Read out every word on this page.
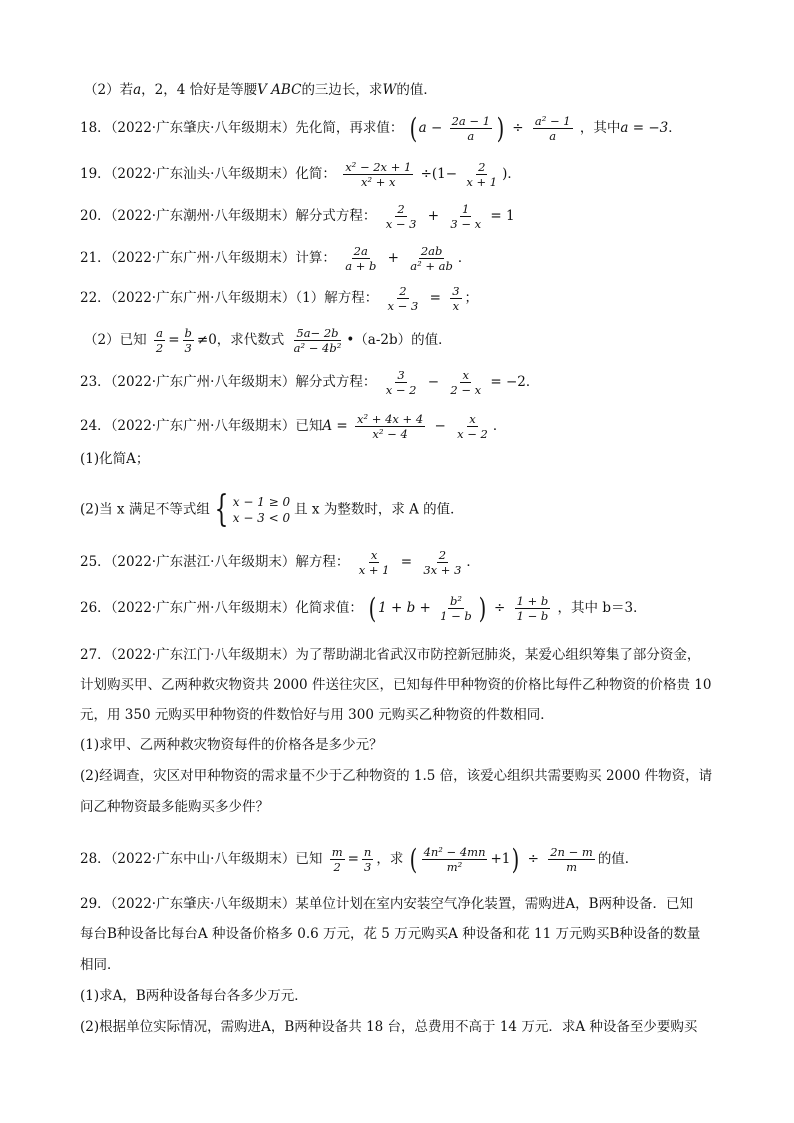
（2）若a，2，4 恰好是等腰V ABC的三边长，求W的值．
18．（2022·广东肇庆·八年级期末）先化简，再求值： ( $a - \frac{2a - 1}{a}$ ) ÷ $\frac{\text{a² − 1}}{a}$ ，其中a = −3．
19．（2022·广东汕头·八年级期末）化简： $\frac{\text{x² − 2x + 1}}{\text{x² + x}} \div(1- \frac{2}{x + 1}$ )．
20．（2022·广东潮州·八年级期末）解分式方程： $\frac{2}{x - 3} + \frac{1}{3 - x} = 1$
21．（2022·广东广州·八年级期末）计算： $\frac{2a}{a + b} + \frac{2ab}{\text{a² + ab}}$ ．
22．（2022·广东广州·八年级期末）（1）解方程： $\frac{2}{x - 3} = \frac{3}{x}$ ；
（2）已知 $\frac{a}{2} = \frac{b}{3} \ne 0$，求代数式 $\frac{5a- 2b}{\text{a² − 4b²}}$ •（a-2b）的值．
23．（2022·广东广州·八年级期末）解分式方程： $\frac{3}{x - 2} - \frac{x}{2 - x} = -2$．
24．（2022·广东广州·八年级期末）已知$A = \frac{\text{x² + 4x + 4}}{\text{x² − 4}} - \frac{x}{x - 2}$ ．
(1)化简A；
(2)当 x 满足不等式组 { x − 1 ≥ 0
x − 3 < 0
且 x 为整数时，求 A 的值．
25．（2022·广东湛江·八年级期末）解方程： $\frac{x}{x + 1} = \frac{2}{3x + 3}$ ．
26．（2022·广东广州·八年级期末）化简求值： ( $1 + b + \frac{\text{b²}}{1 - b}$ ) ÷ $\frac{1 + b}{1 - b}$ ，其中 b＝3．
27．（2022·广东江门·八年级期末）为了帮助湖北省武汉市防控新冠肺炎，某爱心组织筹集了部分资金，
计划购买甲、乙两种救灾物资共 2000 件送往灾区，已知每件甲种物资的价格比每件乙种物资的价格贵 10
元，用 350 元购买甲种物资的件数恰好与用 300 元购买乙种物资的件数相同．
(1)求甲、乙两种救灾物资每件的价格各是多少元？
(2)经调查，灾区对甲种物资的需求量不少于乙种物资的 1.5 倍，该爱心组织共需要购买 2000 件物资，请
问乙种物资最多能购买多少件？
28．（2022·广东中山·八年级期末）已知 $\frac{m}{2} = \frac{n}{3}$ ，求 ( $\frac{\text{4n² − 4mn}}{\text{m²}} +1) \div \frac{2n - m}{m}$ 的值．
29．（2022·广东肇庆·八年级期末）某单位计划在室内安装空气净化装置，需购进A，B两种设备．已知
每台B种设备比每台A 种设备价格多 0.6 万元，花 5 万元购买A 种设备和花 11 万元购买B种设备的数量
相同．
(1)求A，B两种设备每台各多少万元．
(2)根据单位实际情况，需购进A，B两种设备共 18 台，总费用不高于 14 万元．求A 种设备至少要购买
